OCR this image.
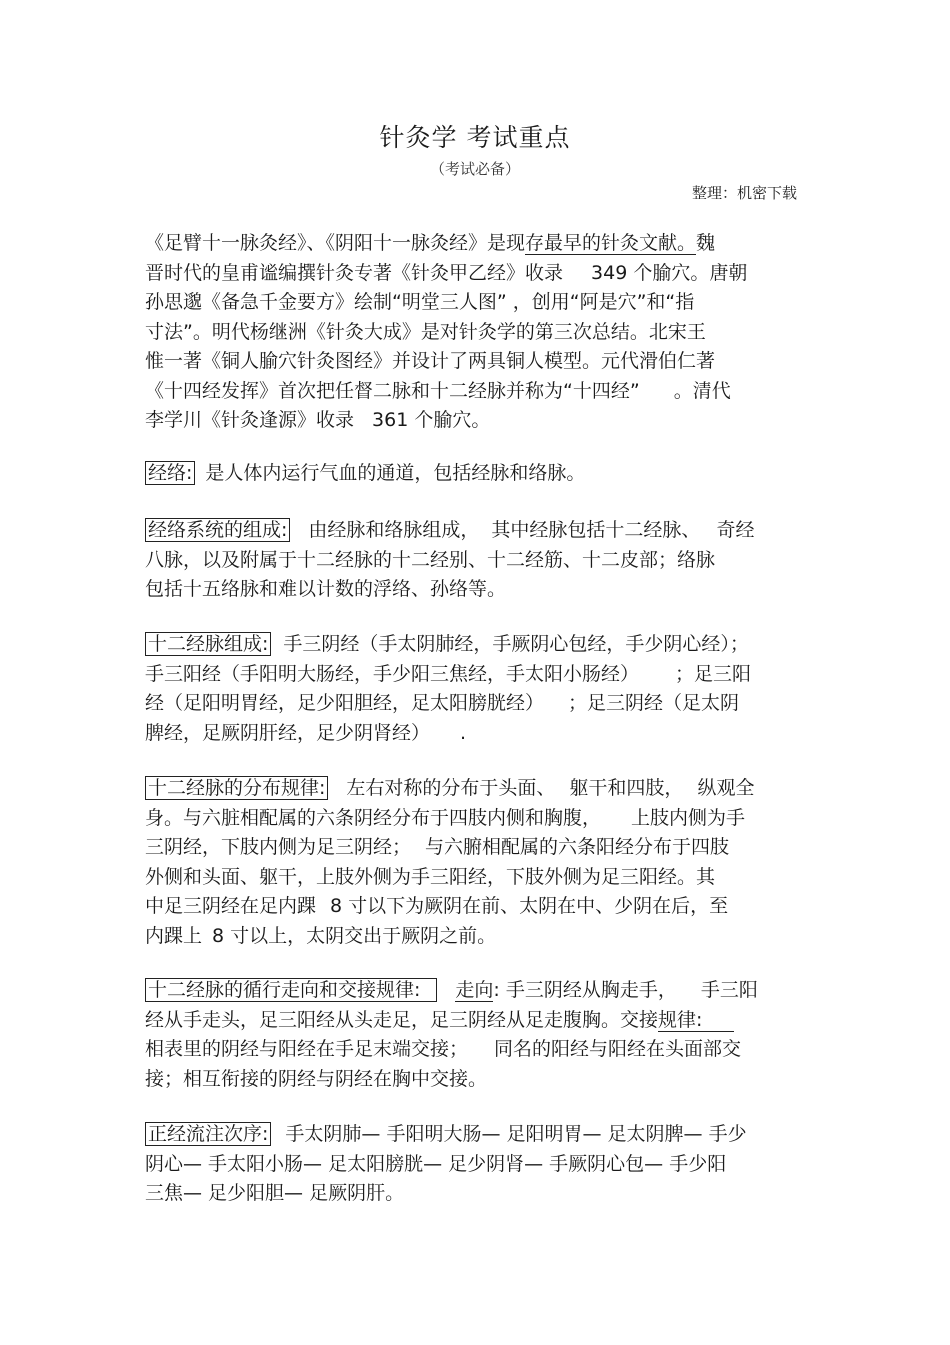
针灸学 考试重点
（考试必备）
整理：机密下载
《足臂十一脉灸经》、《阴阳十一脉灸经》是现存最早的针灸文献。魏
晋时代的皇甫谧编撰针灸专著《针灸甲乙经》收录 349 个腧穴。唐朝
孙思邈《备急千金要方》绘制“明堂三人图” ，创用“阿是穴”和“指
寸法”。明代杨继洲《针灸大成》是对针灸学的第三次总结。北宋王
惟一著《铜人腧穴针灸图经》并设计了两具铜人模型。元代滑伯仁著
《十四经发挥》首次把任督二脉和十二经脉并称为“十四经” 。清代
李学川《针灸逢源》收录 361 个腧穴。
经络: 是人体内运行气血的通道，包括经脉和络脉。
经络系统的组成: 由经脉和络脉组成， 其中经脉包括十二经脉、 奇经
八脉，以及附属于十二经脉的十二经别、十二经筋、十二皮部；络脉
包括十五络脉和难以计数的浮络、孙络等。
十二经脉组成: 手三阴经（手太阴肺经，手厥阴心包经，手少阴心经）；
手三阳经（手阳明大肠经，手少阳三焦经，手太阳小肠经） ；足三阳
经（足阳明胃经，足少阳胆经，足太阳膀胱经） ；足三阴经（足太阴
脾经，足厥阴肝经，足少阴肾经） .
十二经脉的分布规律: 左右对称的分布于头面、 躯干和四肢， 纵观全
身。与六脏相配属的六条阴经分布于四肢内侧和胸腹， 上肢内侧为手
三阴经，下肢内侧为足三阴经； 与六腑相配属的六条阳经分布于四肢
外侧和头面、躯干，上肢外侧为手三阳经，下肢外侧为足三阳经。其
中足三阴经在足内踝 8 寸以下为厥阴在前、太阴在中、少阴在后，至
内踝上 8 寸以上，太阴交出于厥阴之前。
十二经脉的循行走向和交接规律: 走向: 手三阴经从胸走手， 手三阳
经从手走头，足三阳经从头走足，足三阴经从足走腹胸。交接规律:
相表里的阴经与阳经在手足末端交接； 同名的阳经与阳经在头面部交
接；相互衔接的阴经与阴经在胸中交接。
正经流注次序: 手太阴肺— 手阳明大肠— 足阳明胃— 足太阴脾— 手少
阴心— 手太阳小肠— 足太阳膀胱— 足少阴肾— 手厥阴心包— 手少阳
三焦— 足少阳胆— 足厥阴肝。
